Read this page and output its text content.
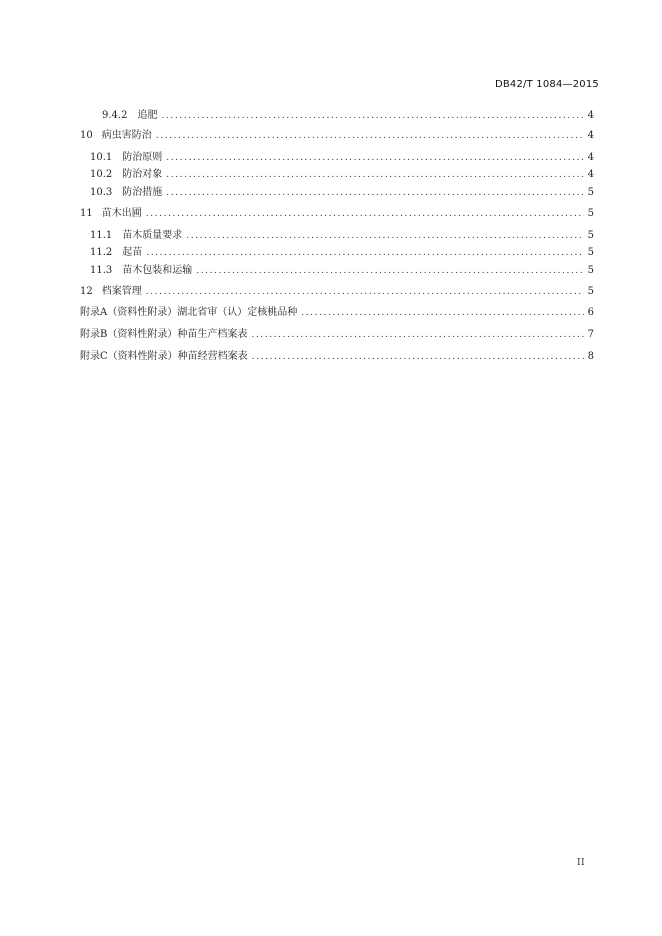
DB42/T 1084—2015
9.4.2 追肥 .....	4
10 病虫害防治 .....	4
10.1 防治原则 .....	4
10.2 防治对象 .....	4
10.3 防治措施 .....	5
11 苗木出圃 .....	5
11.1 苗木质量要求 .....	5
11.2 起苗 .....	5
11.3 苗木包装和运输 .....	5
12 档案管理 .....	5
附录A（资料性附录）湖北省审（认）定核桃品种 .....	6
附录B（资料性附录）种苗生产档案表 .....	7
附录C（资料性附录）种苗经营档案表 .....	8
II
